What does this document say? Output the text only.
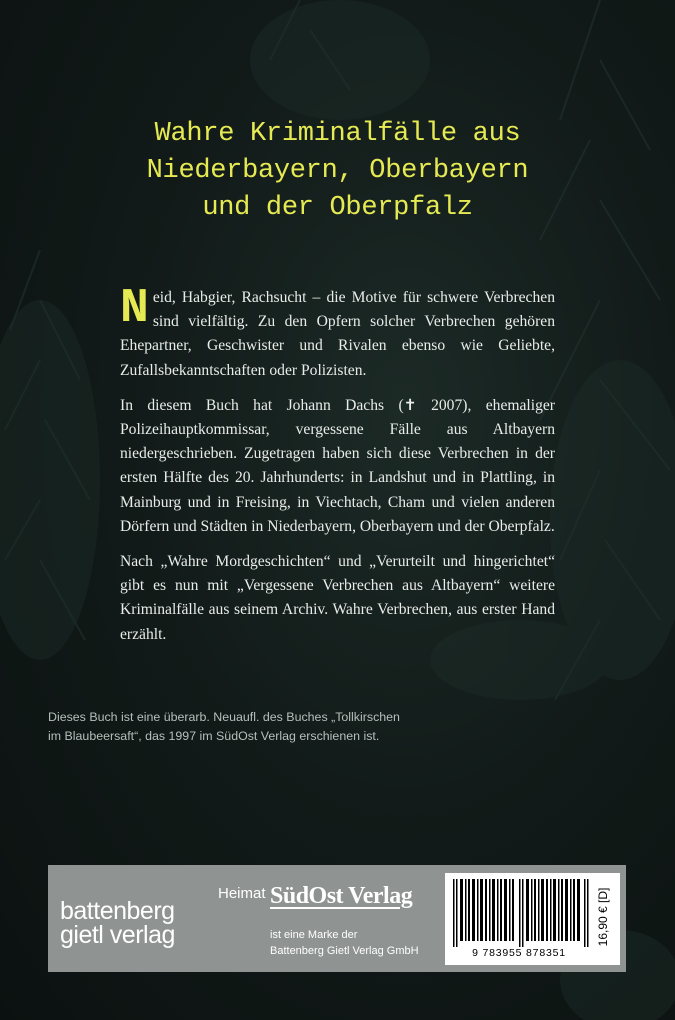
Wahre Kriminalfälle aus
Niederbayern, Oberbayern
und der Oberpfalz

Neid, Habgier, Rachsucht – die Motive für schwere Verbrechen sind vielfältig. Zu den Opfern solcher Verbrechen gehören Ehepartner, Geschwister und Rivalen ebenso wie Geliebte, Zufallsbekanntschaften oder Polizisten.

In diesem Buch hat Johann Dachs (✝ 2007), ehemaliger Polizeihauptkommissar, vergessene Fälle aus Altbayern niedergeschrieben. Zugetragen haben sich diese Verbrechen in der ersten Hälfte des 20. Jahrhunderts: in Landshut und in Plattling, in Mainburg und in Freising, in Viechtach, Cham und vielen anderen Dörfern und Städten in Niederbayern, Oberbayern und der Oberpfalz.

Nach „Wahre Mordgeschichten“ und „Verurteilt und hingerichtet“ gibt es nun mit „Vergessene Verbrechen aus Altbayern“ weitere Kriminalfälle aus seinem Archiv. Wahre Verbrechen, aus erster Hand erzählt.

Dieses Buch ist eine überarb. Neuaufl. des Buches „Tollkirschen
im Blaubeersaft“, das 1997 im SüdOst Verlag erschienen ist.
Heimat
battenberg
gietl verlag
SüdOst Verlag
ist eine Marke der
Battenberg Gietl Verlag GmbH	9 783955 878351
16,90 € [D]
